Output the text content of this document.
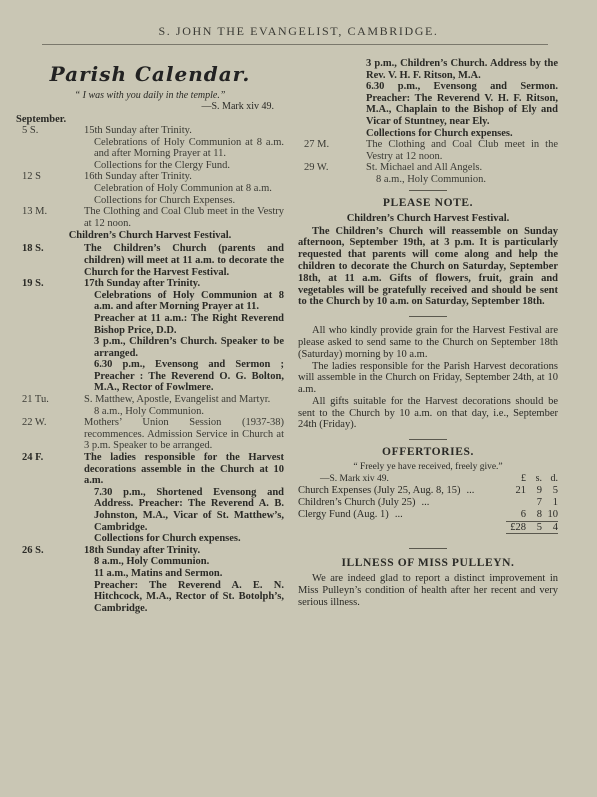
S. JOHN THE EVANGELIST, CAMBRIDGE.
Parish Calendar.
“ I was with you daily in the temple.”
—S. Mark xiv 49.
September.
5 S.	15th Sunday after Trinity.
Celebrations of Holy Communion at 8 a.m. and after Morning Prayer at 11.
Collections for the Clergy Fund.
12 S	16th Sunday after Trinity.
Celebration of Holy Communion at 8 a.m.
Collections for Church Expenses.
13 M.	The Clothing and Coal Club meet in the Vestry at 12 noon.
Children’s Church Harvest Festival.
18 S.	The Children’s Church (parents and children) will meet at 11 a.m. to decorate the Church for the Harvest Festival.
19 S.	17th Sunday after Trinity.
Celebrations of Holy Communion at 8 a.m. and after Morning Prayer at 11.
Preacher at 11 a.m.: The Right Reverend Bishop Price, D.D.
3 p.m., Children’s Church. Speaker to be arranged.
6.30 p.m., Evensong and Sermon ; Preacher : The Reverend O. G. Bolton, M.A., Rector of Fowlmere.
21 Tu.	S. Matthew, Apostle, Evangelist and Martyr.
8 a.m., Holy Communion.
22 W.	Mothers’ Union Session (1937-38) recommences. Admission Service in Church at 3 p.m. Speaker to be arranged.
24 F.	The ladies responsible for the Harvest decorations assemble in the Church at 10 a.m.
7.30 p.m., Shortened Evensong and Address. Preacher: The Reverend A. B. Johnston, M.A., Vicar of St. Matthew’s, Cambridge.
Collections for Church expenses.
26 S.	18th Sunday after Trinity.
8 a.m., Holy Communion.
11 a.m., Matins and Sermon.
Preacher: The Reverend A. E. N. Hitchcock, M.A., Rector of St. Botolph’s, Cambridge.
3 p.m., Children’s Church. Address by the Rev. V. H. F. Ritson, M.A.
6.30 p.m., Evensong and Sermon. Preacher: The Reverend V. H. F. Ritson, M.A., Chaplain to the Bishop of Ely and Vicar of Stuntney, near Ely.
Collections for Church expenses.
27 M.	The Clothing and Coal Club meet in the Vestry at 12 noon.
29 W.	St. Michael and All Angels.
8 a.m., Holy Communion.
PLEASE NOTE.
Children’s Church Harvest Festival.
The Children’s Church will reassemble on Sunday afternoon, September 19th, at 3 p.m. It is particularly requested that parents will come along and help the children to decorate the Church on Saturday, September 18th, at 11 a.m. Gifts of flowers, fruit, grain and vegetables will be gratefully received and should be sent to the Church by 10 a.m. on Saturday, September 18th.
All who kindly provide grain for the Harvest Festival are please asked to send same to the Church on September 18th (Saturday) morning by 10 a.m.
The ladies responsible for the Parish Harvest decorations will assemble in the Church on Friday, September 24th, at 10 a.m.
All gifts suitable for the Harvest decorations should be sent to the Church by 10 a.m. on that day, i.e., September 24th (Friday).
OFFERTORIES.
“ Freely ye have received, freely give.”
—S. Mark xiv 49.	£	s.	d.
Church Expenses (July 25, Aug. 8, 15) ...	21	9	5
Children’s Church (July 25) ...		7	1
Clergy Fund (Aug. 1) ...	6	8	10

	£28	5	4

ILLNESS OF MISS PULLEYN.
We are indeed glad to report a distinct improvement in Miss Pulleyn’s condition of health after her recent and very serious illness.
